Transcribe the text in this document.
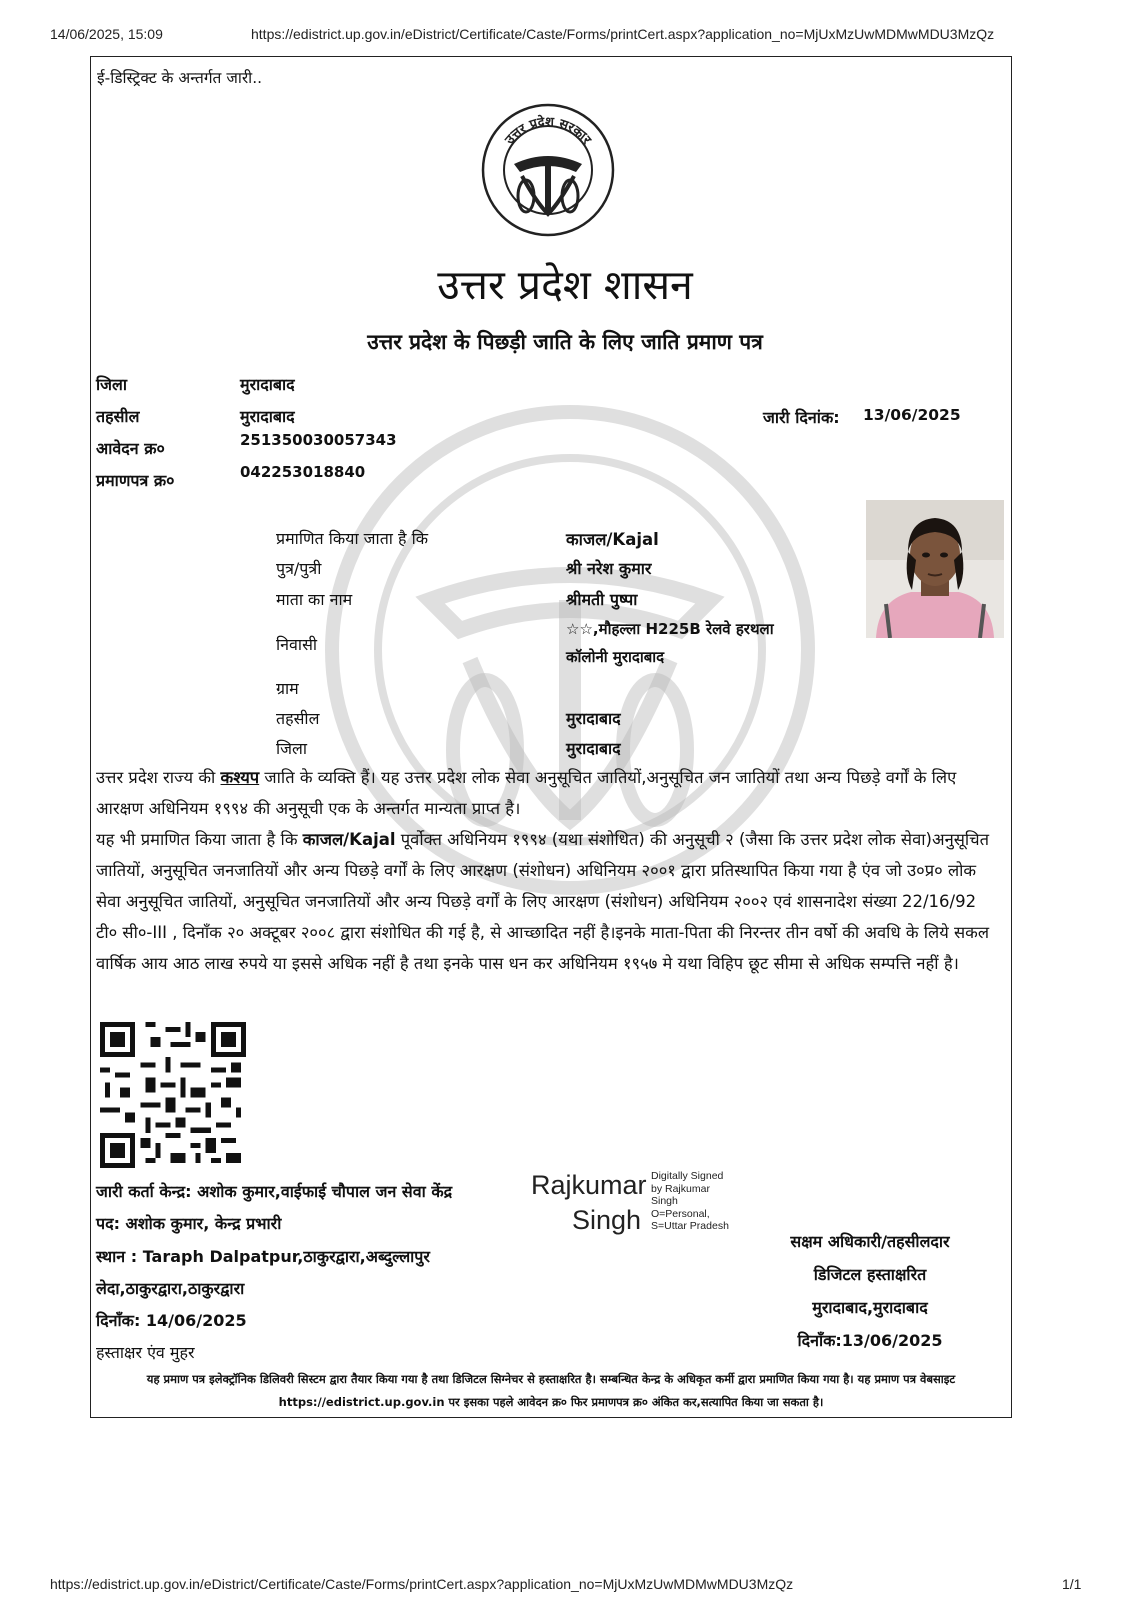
14/06/2025, 15:09	https://edistrict.up.gov.in/eDistrict/Certificate/Caste/Forms/printCert.aspx?application_no=MjUxMzUwMDMwMDU3MzQz
https://edistrict.up.gov.in/eDistrict/Certificate/Caste/Forms/printCert.aspx?application_no=MjUxMzUwMDMwMDU3MzQz	1/1
ई-डिस्ट्रिक्ट के अन्तर्गत जारी..
उत्तर प्रदेश सरकार
उत्तर प्रदेश शासन
उत्तर प्रदेश के पिछड़ी जाति के लिए जाति प्रमाण पत्र
जिला	मुरादाबाद
तहसील	मुरादाबाद
आवेदन क्र०	251350030057343
प्रमाणपत्र क्र०	042253018840
जारी दिनांक: 13/06/2025
प्रमाणित किया जाता है कि	काजल/Kajal
पुत्र/पुत्री	श्री नरेश कुमार
माता का नाम	श्रीमती पुष्पा
निवासी
☆☆,मौहल्ला H225B रेलवे हरथला
कॉलोनी मुरादाबाद
ग्राम
तहसील	मुरादाबाद
जिला	मुरादाबाद
उत्तर प्रदेश राज्य की कश्यप जाति के व्यक्ति हैं। यह उत्तर प्रदेश लोक सेवा अनुसूचित जातियों,अनुसूचित जन जातियों तथा अन्य पिछड़े वर्गों के लिए आरक्षण अधिनियम १९९४ की अनुसूची एक के अन्तर्गत मान्यता प्राप्त है।
यह भी प्रमाणित किया जाता है कि काजल/Kajal पूर्वोक्त अधिनियम १९९४ (यथा संशोधित) की अनुसूची २ (जैसा कि उत्तर प्रदेश लोक सेवा)अनुसूचित जातियों, अनुसूचित जनजातियों और अन्य पिछड़े वर्गों के लिए आरक्षण (संशोधन) अधिनियम २००१ द्वारा प्रतिस्थापित किया गया है एंव जो उ०प्र० लोक सेवा अनुसूचित जातियों, अनुसूचित जनजातियों और अन्य पिछड़े वर्गों के लिए आरक्षण (संशोधन) अधिनियम २००२ एवं शासनादेश संख्या 22/16/92 टी० सी०-III , दिनाँक २० अक्टूबर २००८ द्वारा संशोधित की गई है, से आच्छादित नहीं है।इनके माता-पिता की निरन्तर तीन वर्षो की अवधि के लिये सकल वार्षिक आय आठ लाख रुपये या इससे अधिक नहीं है तथा इनके पास धन कर अधिनियम १९५७ मे यथा विहिप छूट सीमा से अधिक सम्पत्ति नहीं है।
जारी कर्ता केन्द्र: अशोक कुमार,वाईफाई चौपाल जन सेवा केंद्र
पद: अशोक कुमार, केन्द्र प्रभारी
स्थान : Taraph Dalpatpur,ठाकुरद्वारा,अब्दुल्लापुर
लेदा,ठाकुरद्वारा,ठाकुरद्वारा
दिनाँक: 14/06/2025
हस्ताक्षर एंव मुहर
Rajkumar
Singh
Digitally Signed
by Rajkumar
Singh
O=Personal,
S=Uttar Pradesh
सक्षम अधिकारी/तहसीलदार
डिजिटल हस्ताक्षरित
मुरादाबाद,मुरादाबाद
दिनाँक:13/06/2025
यह प्रमाण पत्र इलेक्ट्रॉनिक डिलिवरी सिस्टम द्वारा तैयार किया गया है तथा डिजिटल सिग्नेचर से हस्ताक्षरित है। सम्बन्धित केन्द्र के अधिकृत कर्मी द्वारा प्रमाणित किया गया है। यह प्रमाण पत्र वेबसाइट https://edistrict.up.gov.in पर इसका पहले आवेदन क्र० फिर प्रमाणपत्र क्र० अंकित कर,सत्यापित किया जा सकता है।
